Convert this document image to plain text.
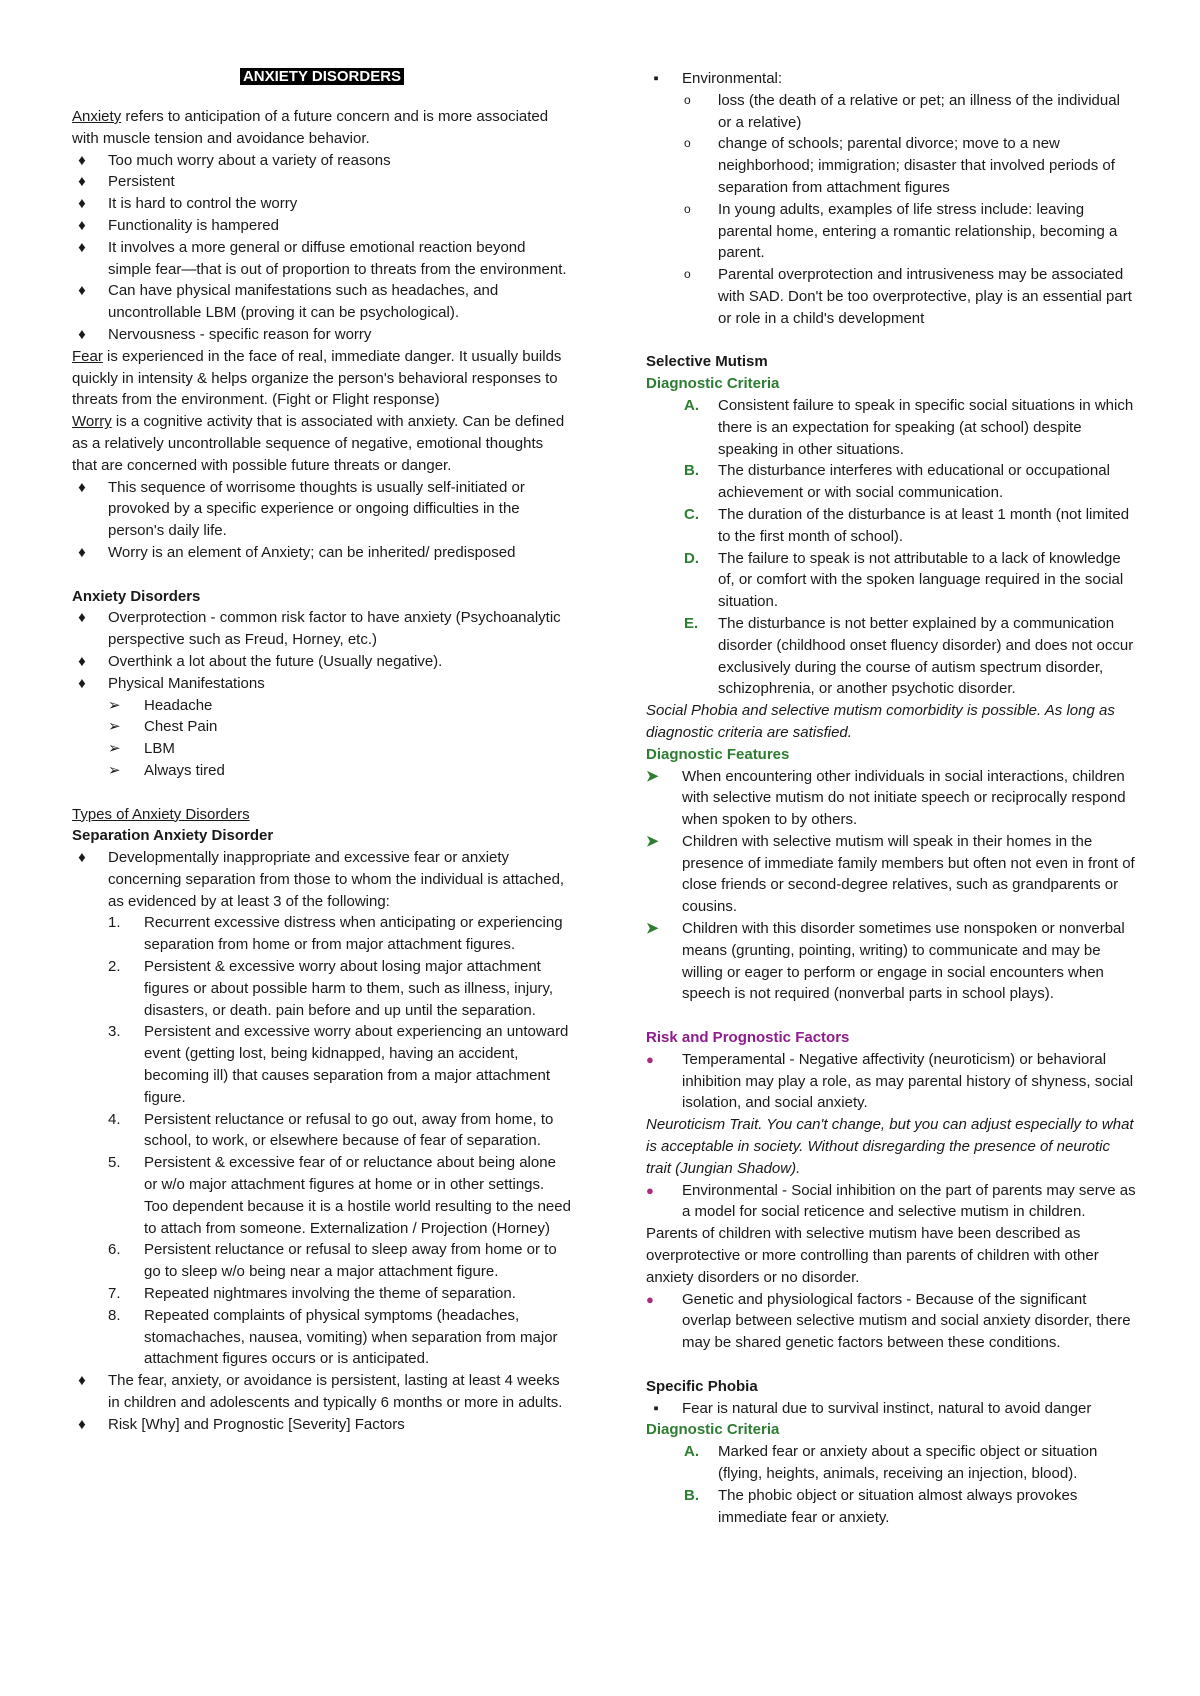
ANXIETY DISORDERS

Anxiety refers to anticipation of a future concern and is more associated with muscle tension and avoidance behavior.

♦	Too much worry about a variety of reasons
♦	Persistent
♦	It is hard to control the worry
♦	Functionality is hampered
♦	It involves a more general or diffuse emotional reaction beyond simple fear—that is out of proportion to threats from the environment.
♦	Can have physical manifestations such as headaches, and uncontrollable LBM (proving it can be psychological).
♦	Nervousness - specific reason for worry

Fear is experienced in the face of real, immediate danger. It usually builds quickly in intensity & helps organize the person's behavioral responses to threats from the environment. (Fight or Flight response)

Worry is a cognitive activity that is associated with anxiety. Can be defined as a relatively uncontrollable sequence of negative, emotional thoughts that are concerned with possible future threats or danger.

♦	This sequence of worrisome thoughts is usually self-initiated or provoked by a specific experience or ongoing difficulties in the person's daily life.
♦	Worry is an element of Anxiety; can be inherited/ predisposed

Anxiety Disorders

♦	Overprotection - common risk factor to have anxiety (Psychoanalytic perspective such as Freud, Horney, etc.)
♦	Overthink a lot about the future (Usually negative).
♦	Physical Manifestations
➢	Headache
➢	Chest Pain
➢	LBM
➢	Always tired

Types of Anxiety Disorders

Separation Anxiety Disorder

♦	Developmentally inappropriate and excessive fear or anxiety concerning separation from those to whom the individual is attached, as evidenced by at least 3 of the following:
1. Recurrent excessive distress when anticipating or experiencing separation from home or from major attachment figures.
2. Persistent & excessive worry about losing major attachment figures or about possible harm to them, such as illness, injury, disasters, or death. pain before and up until the separation.
3. Persistent and excessive worry about experiencing an untoward event (getting lost, being kidnapped, having an accident, becoming ill) that causes separation from a major attachment figure.
4. Persistent reluctance or refusal to go out, away from home, to school, to work, or elsewhere because of fear of separation.
5. Persistent & excessive fear of or reluctance about being alone or w/o major attachment figures at home or in other settings. Too dependent because it is a hostile world resulting to the need to attach from someone. Externalization / Projection (Horney)
6. Persistent reluctance or refusal to sleep away from home or to go to sleep w/o being near a major attachment figure.
7. Repeated nightmares involving the theme of separation.
8. Repeated complaints of physical symptoms (headaches, stomachaches, nausea, vomiting) when separation from major attachment figures occurs or is anticipated.
♦	The fear, anxiety, or avoidance is persistent, lasting at least 4 weeks in children and adolescents and typically 6 months or more in adults.
♦	Risk [Why] and Prognostic [Severity] Factors
▪	Environmental:
o loss (the death of a relative or pet; an illness of the individual or a relative)
o change of schools; parental divorce; move to a new neighborhood; immigration; disaster that involved periods of separation from attachment figures
o In young adults, examples of life stress include: leaving parental home, entering a romantic relationship, becoming a parent.
o Parental overprotection and intrusiveness may be associated with SAD. Don't be too overprotective, play is an essential part or role in a child's development

Selective Mutism

Diagnostic Criteria

A. Consistent failure to speak in specific social situations in which there is an expectation for speaking (at school) despite speaking in other situations.
B. The disturbance interferes with educational or occupational achievement or with social communication.
C. The duration of the disturbance is at least 1 month (not limited to the first month of school).
D. The failure to speak is not attributable to a lack of knowledge of, or comfort with the spoken language required in the social situation.
E. The disturbance is not better explained by a communication disorder (childhood onset fluency disorder) and does not occur exclusively during the course of autism spectrum disorder, schizophrenia, or another psychotic disorder.

Social Phobia and selective mutism comorbidity is possible. As long as diagnostic criteria are satisfied.

Diagnostic Features

➤ When encountering other individuals in social interactions, children with selective mutism do not initiate speech or reciprocally respond when spoken to by others.
➤ Children with selective mutism will speak in their homes in the presence of immediate family members but often not even in front of close friends or second-degree relatives, such as grandparents or cousins.
➤ Children with this disorder sometimes use nonspoken or nonverbal means (grunting, pointing, writing) to communicate and may be willing or eager to perform or engage in social encounters when speech is not required (nonverbal parts in school plays).

Risk and Prognostic Factors

● Temperamental - Negative affectivity (neuroticism) or behavioral inhibition may play a role, as may parental history of shyness, social isolation, and social anxiety.

Neuroticism Trait. You can't change, but you can adjust especially to what is acceptable in society. Without disregarding the presence of neurotic trait (Jungian Shadow).

● Environmental - Social inhibition on the part of parents may serve as a model for social reticence and selective mutism in children.

Parents of children with selective mutism have been described as overprotective or more controlling than parents of children with other anxiety disorders or no disorder.

● Genetic and physiological factors - Because of the significant overlap between selective mutism and social anxiety disorder, there may be shared genetic factors between these conditions.

Specific Phobia

▪	Fear is natural due to survival instinct, natural to avoid danger

Diagnostic Criteria

A. Marked fear or anxiety about a specific object or situation (flying, heights, animals, receiving an injection, blood).
B. The phobic object or situation almost always provokes immediate fear or anxiety.
